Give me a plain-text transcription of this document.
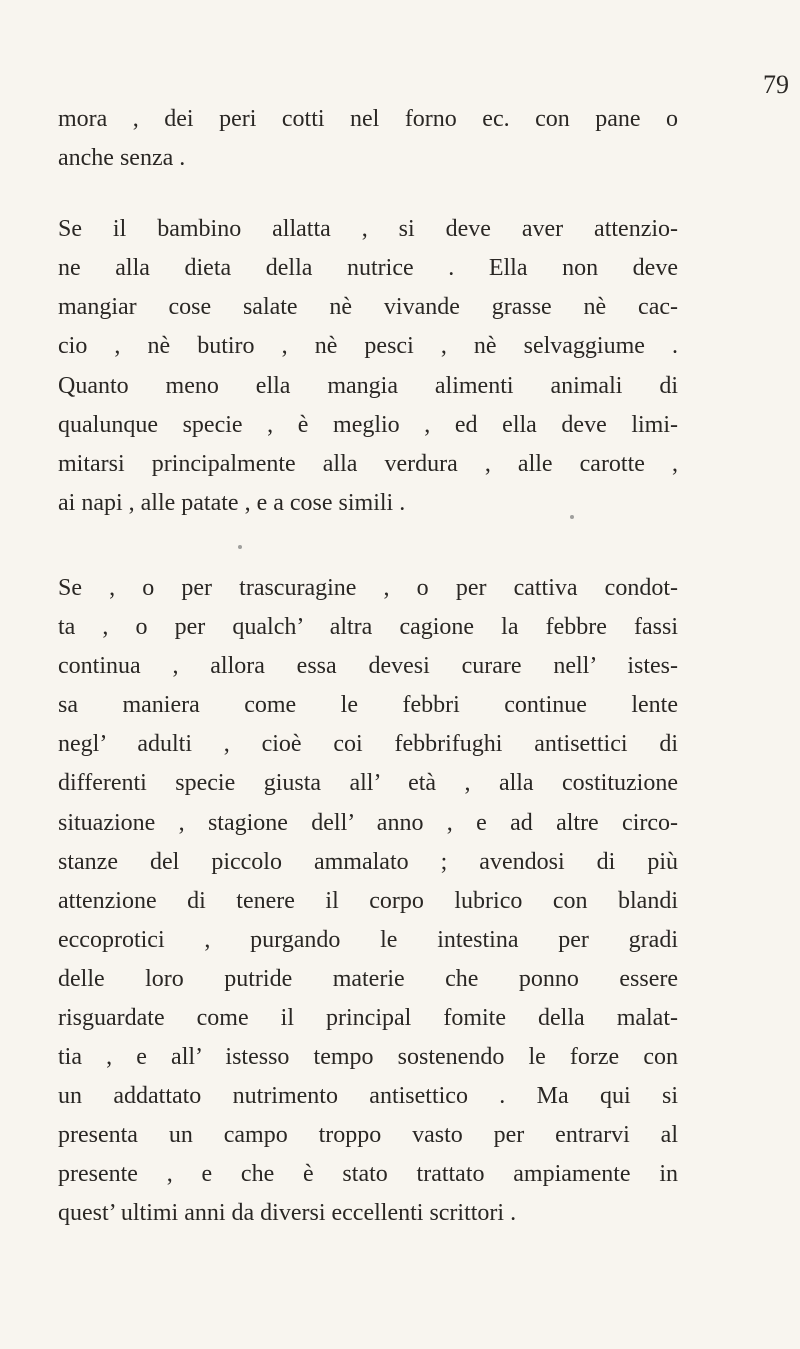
79
mora , dei peri cotti nel forno ec. con pane o
anche senza .
Se il bambino allatta , si deve aver attenzio-
ne alla dieta della nutrice . Ella non deve
mangiar cose salate nè vivande grasse nè cac-
cio , nè butiro , nè pesci , nè selvaggiume .
Quanto meno ella mangia alimenti animali di
qualunque specie , è meglio , ed ella deve limi-
mitarsi principalmente alla verdura , alle carotte ,
ai napi , alle patate , e a cose simili .
Se , o per trascuragine , o per cattiva condot-
ta , o per qualch’ altra cagione la febbre fassi
continua , allora essa devesi curare nell’ istes-
sa maniera come le febbri continue lente
negl’ adulti , cioè coi febbrifughi antisettici di
differenti specie giusta all’ età , alla costituzione
situazione , stagione dell’ anno , e ad altre circo-
stanze del piccolo ammalato ; avendosi di più
attenzione di tenere il corpo lubrico con blandi
eccoprotici , purgando le intestina per gradi
delle loro putride materie che ponno essere
risguardate come il principal fomite della malat-
tia , e all’ istesso tempo sostenendo le forze con
un addattato nutrimento antisettico . Ma qui si
presenta un campo troppo vasto per entrarvi al
presente , e che è stato trattato ampiamente in
quest’ ultimi anni da diversi eccellenti scrittori .
